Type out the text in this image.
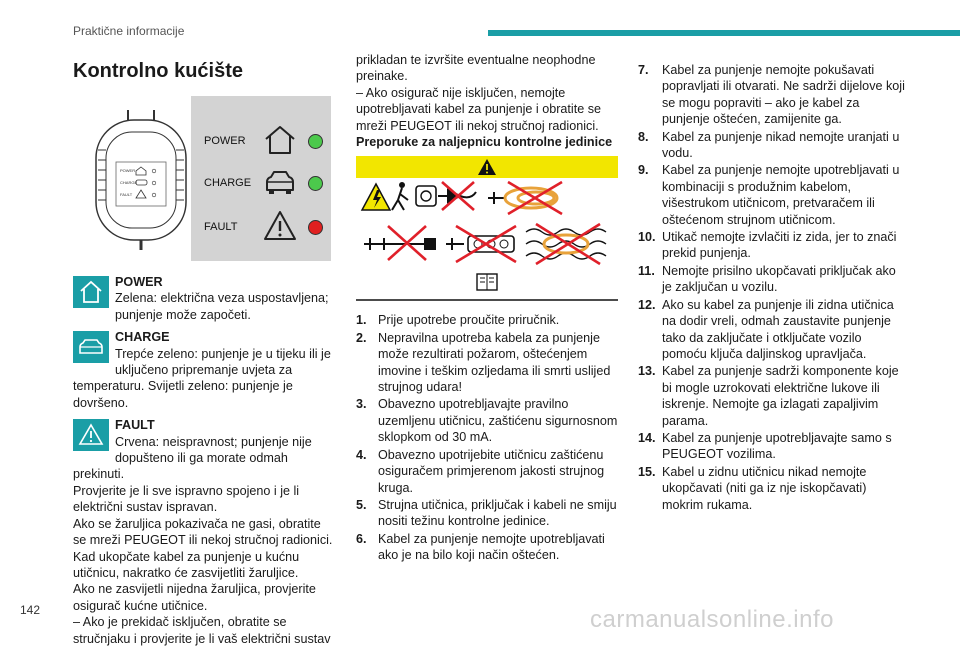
Praktične informacije
Kontrolno kućište
POWER
CHARGE
FAULT
POWER
CHARGE
FAULT

POWER

Zelena: električna veza uspostavljena; punjenje može započeti.

CHARGE

Trepće zeleno: punjenje je u tijeku ili je uključeno pripremanje uvjeta za temperaturu. Svijetli zeleno: punjenje je dovršeno.

FAULT

Crvena: neispravnost; punjenje nije dopušteno ili ga morate odmah prekinuti.

Provjerite je li sve ispravno spojeno i je li električni sustav ispravan.

Ako se žaruljica pokazivača ne gasi, obratite se mreži PEUGEOT ili nekoj stručnoj radionici.

Kad ukopčate kabel za punjenje u kućnu utičnicu, nakratko će zasvijetliti žaruljice.

Ako ne zasvijetli nijedna žaruljica, provjerite osigurač kućne utičnice.

– Ako je prekidač isključen, obratite se stručnjaku i provjerite je li vaš električni sustav

prikladan te izvršite eventualne neophodne preinake.

– Ako osigurač nije isključen, nemojte upotrebljavati kabel za punjenje i obratite se mreži PEUGEOT ili nekoj stručnoj radionici.

Preporuke za naljepnicu kontrolne jedinice

1. Prije upotrebe proučite priručnik.
2. Nepravilna upotreba kabela za punjenje može rezultirati požarom, oštećenjem imovine i teškim ozljedama ili smrti uslijed strujnog udara!
3. Obavezno upotrebljavajte pravilno uzemljenu utičnicu, zaštićenu sigurnosnom sklopkom od 30 mA.
4. Obavezno upotrijebite utičnicu zaštićenu osiguračem primjerenom jakosti strujnog kruga.
5. Strujna utičnica, priključak i kabeli ne smiju nositi težinu kontrolne jedinice.
6. Kabel za punjenje nemojte upotrebljavati ako je na bilo koji način oštećen.
7. Kabel za punjenje nemojte pokušavati popravljati ili otvarati. Ne sadrži dijelove koji se mogu popraviti – ako je kabel za punjenje oštećen, zamijenite ga.
8. Kabel za punjenje nikad nemojte uranjati u vodu.
9. Kabel za punjenje nemojte upotrebljavati u kombinaciji s produžnim kabelom, višestrukom utičnicom, pretvaračem ili oštećenom strujnom utičnicom.
10. Utikač nemojte izvlačiti iz zida, jer to znači prekid punjenja.
11. Nemojte prisilno ukopčavati priključak ako je zaključan u vozilu.
12. Ako su kabel za punjenje ili zidna utičnica na dodir vreli, odmah zaustavite punjenje tako da zaključate i otključate vozilo pomoću ključa daljinskog upravljača.
13. Kabel za punjenje sadrži komponente koje bi mogle uzrokovati električne lukove ili iskrenje. Nemojte ga izlagati zapaljivim parama.
14. Kabel za punjenje upotrebljavajte samo s PEUGEOT vozilima.
15. Kabel u zidnu utičnicu nikad nemojte ukopčavati (niti ga iz nje iskopčavati) mokrim rukama.
142	carmanualsonline.info
